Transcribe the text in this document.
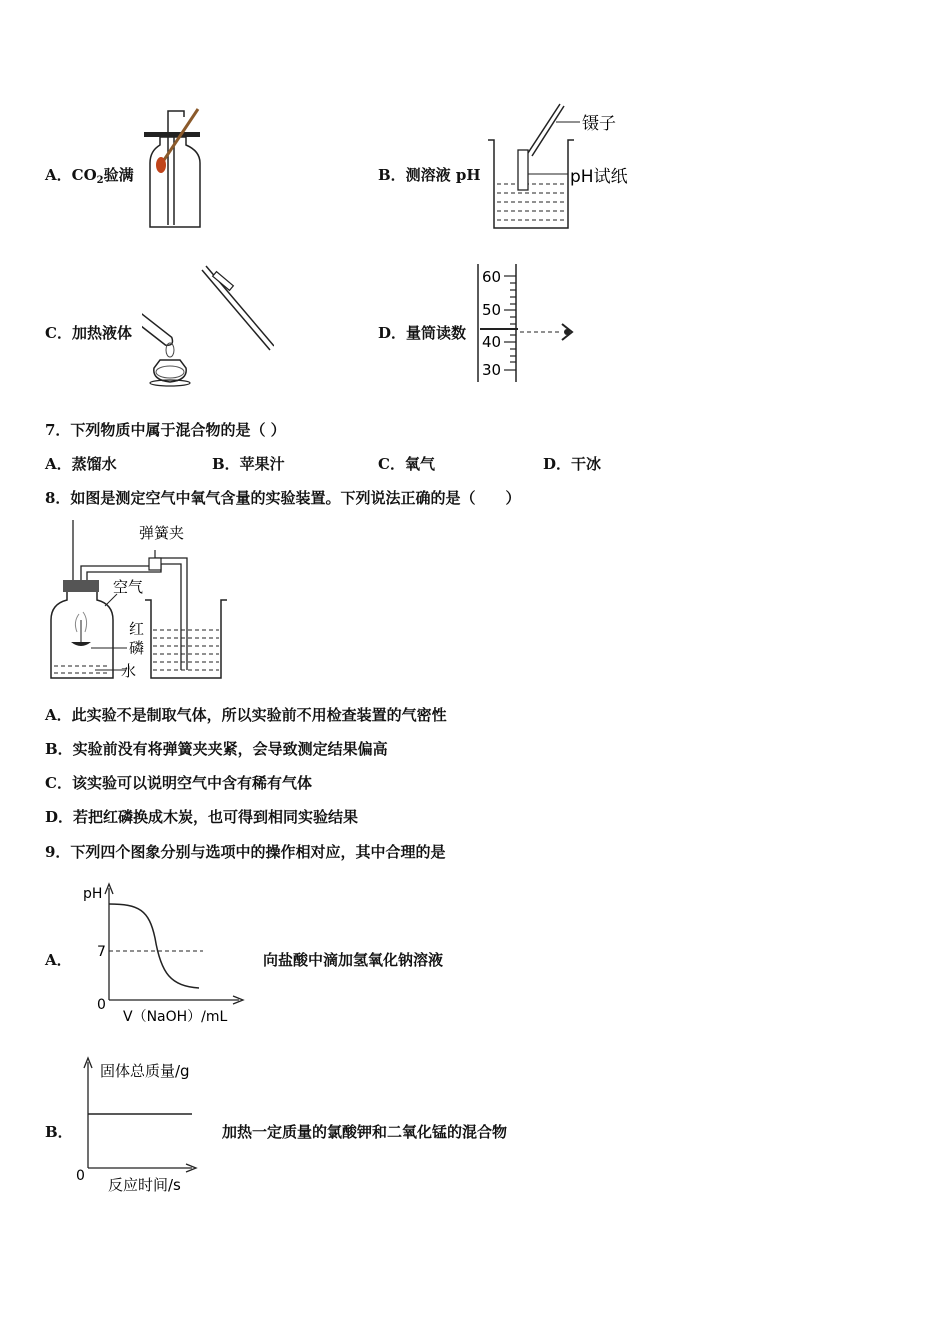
A．$CO_2$验满	B．测溶液 pH
镊子
pH试纸
C．加热液体	D．量筒读数
60
50
40
30
7．下列物质中属于混合物的是（ ）
A．蒸馏水	B．苹果汁	C．氧气	D．干冰
8．如图是测定空气中氧气含量的实验装置。下列说法正确的是（　　）
弹簧夹
空气
红
磷
水
A．此实验不是制取气体，所以实验前不用检查装置的气密性
B．实验前没有将弹簧夹夹紧，会导致测定结果偏高
C．该实验可以说明空气中含有稀有气体
D．若把红磷换成木炭，也可得到相同实验结果
9．下列四个图象分别与选项中的操作相对应，其中合理的是
A．
pH
7
0
V（NaOH）/mL
向盐酸中滴加氢氧化钠溶液
B．
固体总质量/g
0 反应时间/s
加热一定质量的氯酸钾和二氧化锰的混合物
